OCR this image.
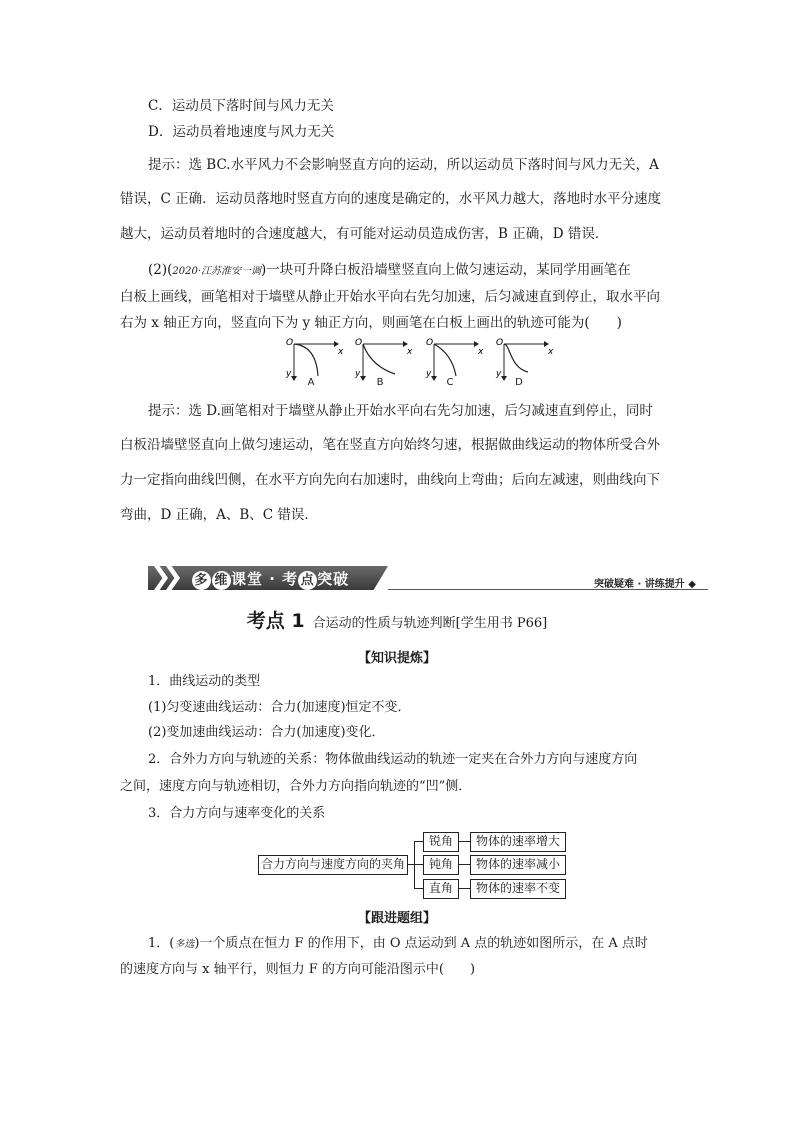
C．运动员下落时间与风力无关
D．运动员着地速度与风力无关
提示：选 BC.水平风力不会影响竖直方向的运动，所以运动员下落时间与风力无关，A
错误，C 正确．运动员落地时竖直方向的速度是确定的，水平风力越大，落地时水平分速度
越大，运动员着地时的合速度越大，有可能对运动员造成伤害，B 正确，D 错误．
(2)(2020·江苏淮安一调)一块可升降白板沿墙壁竖直向上做匀速运动，某同学用画笔在
白板上画线，画笔相对于墙壁从静止开始水平向右先匀加速，后匀减速直到停止，取水平向
右为 x 轴正方向，竖直向下为 y 轴正方向，则画笔在白板上画出的轨迹可能为(　　)
O
x
y
O
x
y
O
x
y
O
x
y
A	B	C	D
提示：选 D.画笔相对于墙壁从静止开始水平向右先匀加速，后匀减速直到停止，同时
白板沿墙壁竖直向上做匀速运动，笔在竖直方向始终匀速，根据做曲线运动的物体所受合外
力一定指向曲线凹侧，在水平方向先向右加速时，曲线向上弯曲；后向左减速，则曲线向下
弯曲，D 正确，A、B、C 错误．
多 维 课堂 · 考 点 突破	突破疑难 · 讲练提升 ◆
考点 1 合运动的性质与轨迹判断[学生用书 P66]
【知识提炼】
1．曲线运动的类型
(1)匀变速曲线运动：合力(加速度)恒定不变．
(2)变加速曲线运动：合力(加速度)变化．
2．合外力方向与轨迹的关系：物体做曲线运动的轨迹一定夹在合外力方向与速度方向
之间，速度方向与轨迹相切，合外力方向指向轨迹的“凹”侧．
3．合力方向与速率变化的关系
合力方向与速度方向的夹角
锐角
钝角
直角
物体的速率增大
物体的速率减小
物体的速率不变
【跟进题组】
1．(多选)一个质点在恒力 F 的作用下，由 O 点运动到 A 点的轨迹如图所示，在 A 点时
的速度方向与 x 轴平行，则恒力 F 的方向可能沿图示中(　　)
